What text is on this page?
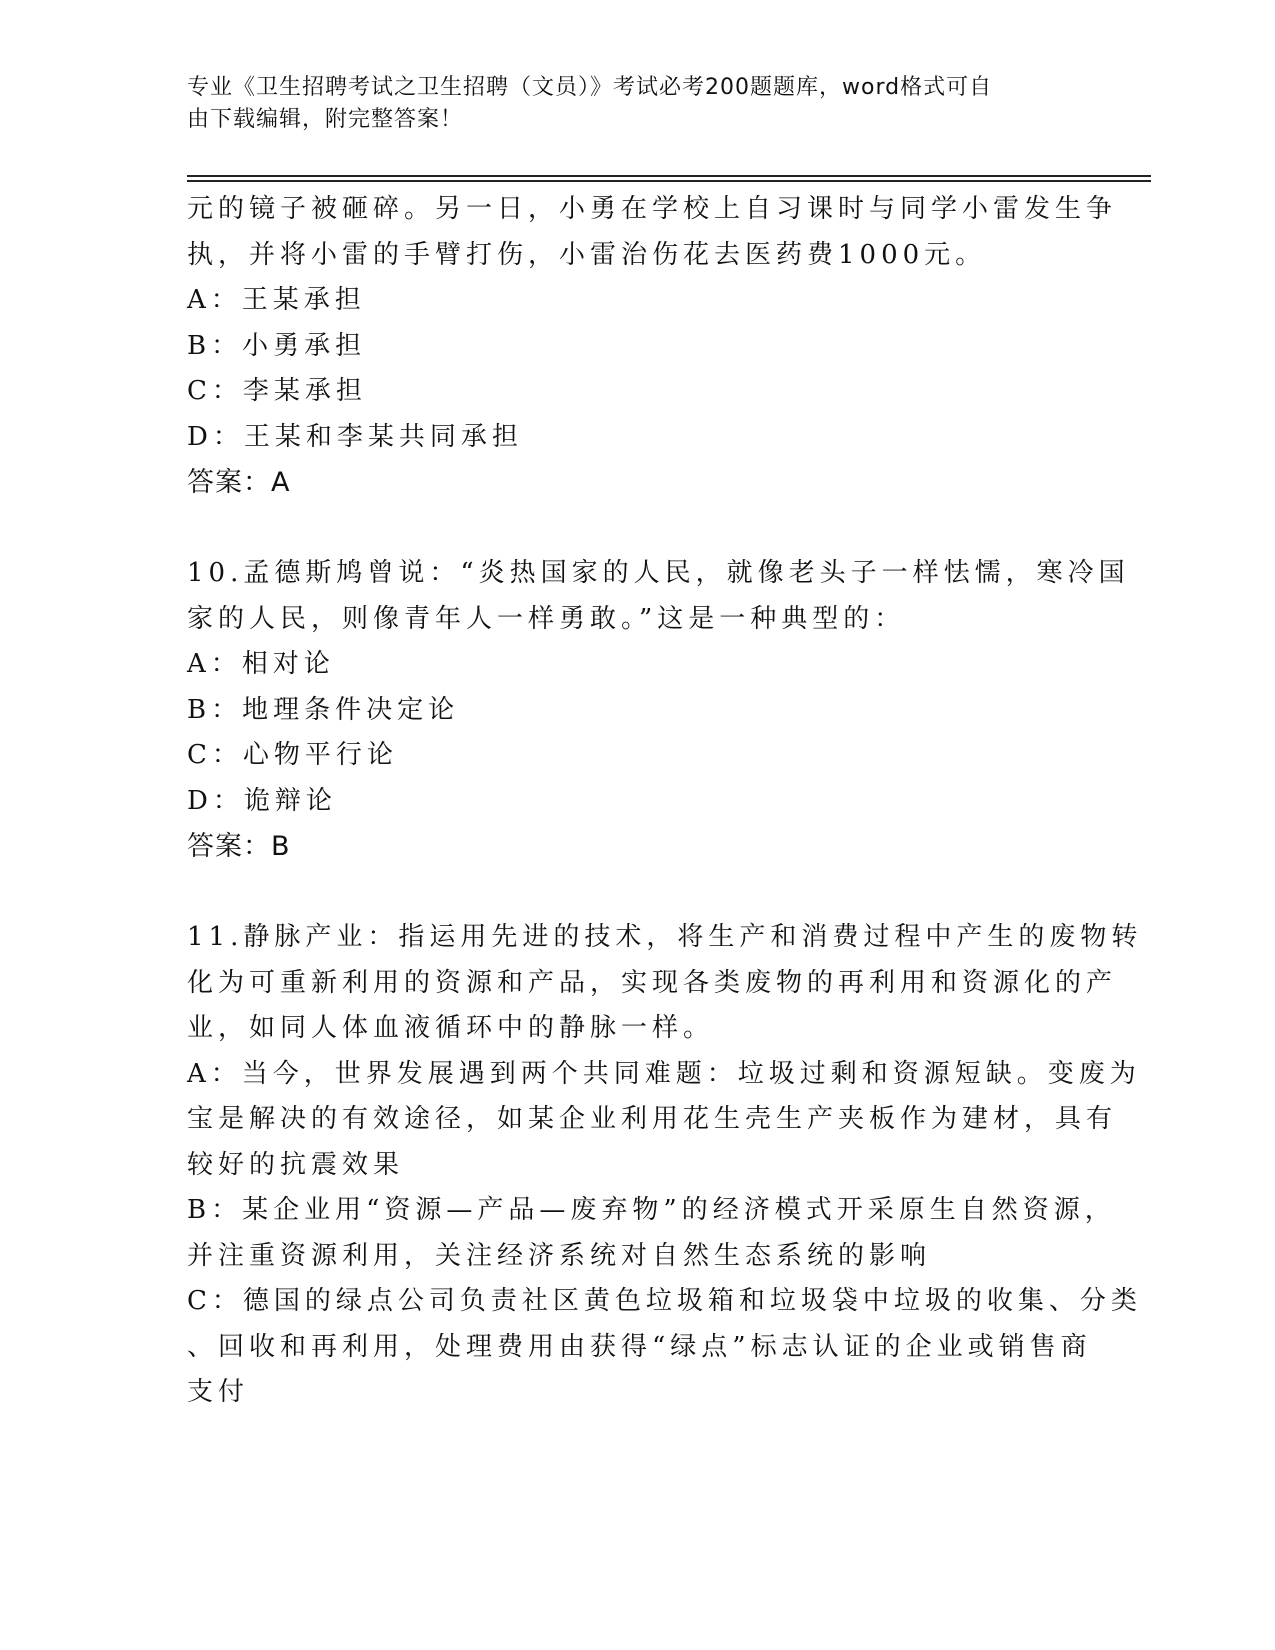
专业《卫生招聘考试之卫生招聘（文员）》考试必考200题题库，word格式可自
由下载编辑，附完整答案！
元的镜子被砸碎。另一日，小勇在学校上自习课时与同学小雷发生争
执，并将小雷的手臂打伤，小雷治伤花去医药费1000元。
A：王某承担
B：小勇承担
C：李某承担
D：王某和李某共同承担
答案：A
10.孟德斯鸠曾说：“炎热国家的人民，就像老头子一样怯懦，寒冷国
家的人民，则像青年人一样勇敢。”这是一种典型的：
A：相对论
B：地理条件决定论
C：心物平行论
D：诡辩论
答案：B
11.静脉产业：指运用先进的技术，将生产和消费过程中产生的废物转
化为可重新利用的资源和产品，实现各类废物的再利用和资源化的产
业，如同人体血液循环中的静脉一样。
A：当今，世界发展遇到两个共同难题：垃圾过剩和资源短缺。变废为
宝是解决的有效途径，如某企业利用花生壳生产夹板作为建材，具有
较好的抗震效果
B：某企业用“资源—产品—废弃物”的经济模式开采原生自然资源，
并注重资源利用，关注经济系统对自然生态系统的影响
C：德国的绿点公司负责社区黄色垃圾箱和垃圾袋中垃圾的收集、分类
、回收和再利用，处理费用由获得“绿点”标志认证的企业或销售商
支付
